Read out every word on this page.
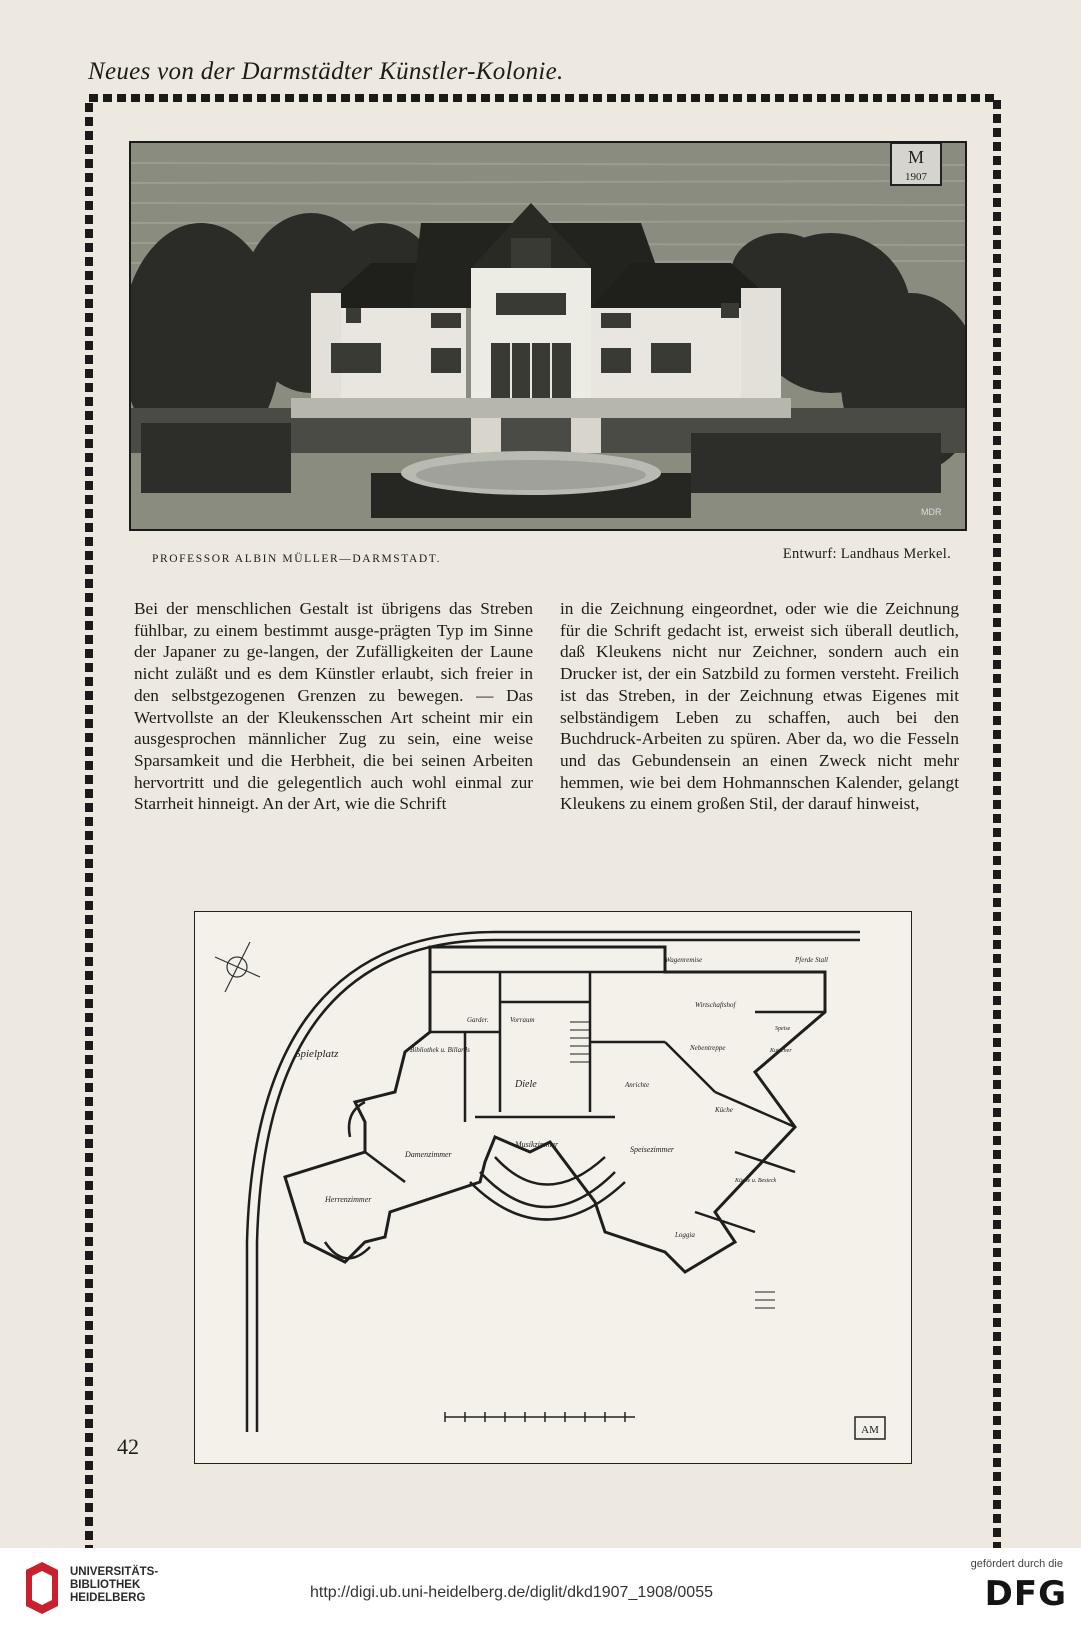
Neues von der Darmstädter Künstler-Kolonie.
M
1907
MDR
PROFESSOR ALBIN MÜLLER—DARMSTADT.	Entwurf: Landhaus Merkel.

Bei der menschlichen Gestalt ist übrigens das Streben fühlbar, zu einem bestimmt ausge-prägten Typ im Sinne der Japaner zu ge-langen, der Zufälligkeiten der Laune nicht zuläßt und es dem Künstler erlaubt, sich freier in den selbstgezogenen Grenzen zu bewegen. — Das Wertvollste an der Kleukensschen Art scheint mir ein ausgesprochen männlicher Zug zu sein, eine weise Sparsamkeit und die Herbheit, die bei seinen Arbeiten hervortritt und die gelegentlich auch wohl einmal zur Starrheit hinneigt. An der Art, wie die Schrift

in die Zeichnung eingeordnet, oder wie die Zeichnung für die Schrift gedacht ist, erweist sich überall deutlich, daß Kleukens nicht nur Zeichner, sondern auch ein Drucker ist, der ein Satzbild zu formen versteht. Freilich ist das Streben, in der Zeichnung etwas Eigenes mit selbständigem Leben zu schaffen, auch bei den Buchdruck-Arbeiten zu spüren. Aber da, wo die Fesseln und das Gebundensein an einen Zweck nicht mehr hemmen, wie bei dem Hohmannschen Kalender, gelangt Kleukens zu einem großen Stil, der darauf hinweist,

Spielplatz	Bibliothek u. Billards
Garder.	Vorraum
Diele	Anrichte
Wagenremise	Pferde Stall
Wirtschaftshof
Speise
Kutscher
Nebentreppe
Küche
Herrenzimmer
Damenzimmer
Musikzimmer
Speisezimmer
Küche u. Besteck
Loggia
AM
42
UNIVERSITÄTS-
BIBLIOTHEK
HEIDELBERG	http://digi.ub.uni-heidelberg.de/diglit/dkd1907_1908/0055
gefördert durch die
DFG
